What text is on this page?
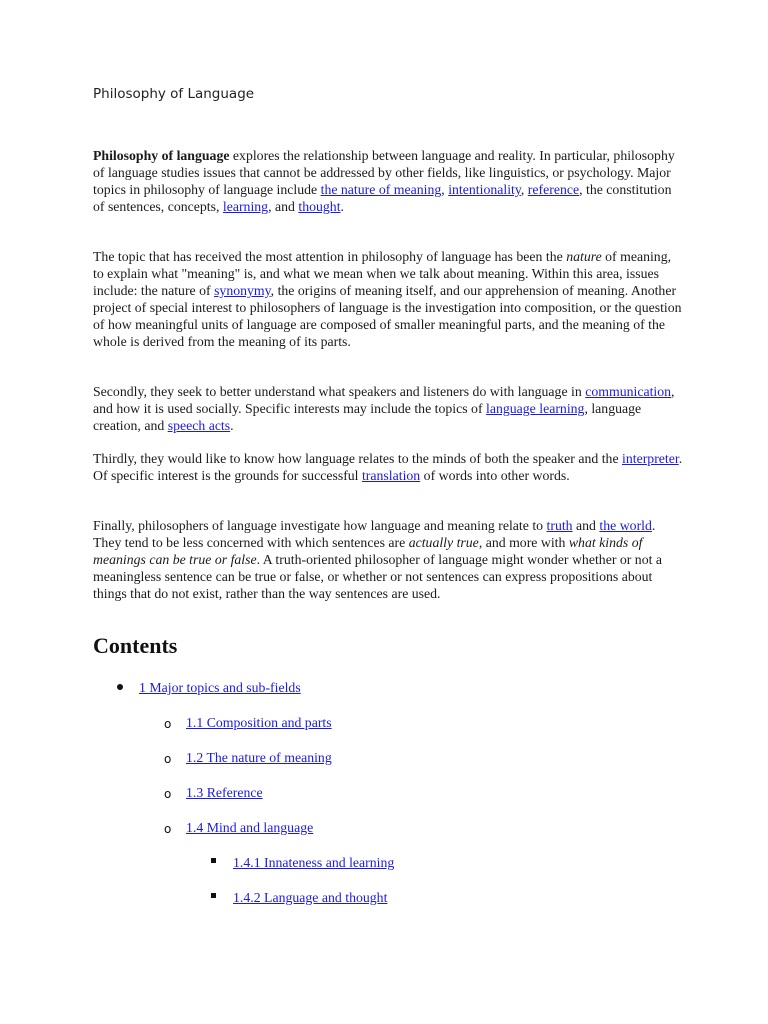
Philosophy of Language

Philosophy of language explores the relationship between language and reality. In particular, philosophy of language studies issues that cannot be addressed by other fields, like linguistics, or psychology. Major topics in philosophy of language include the nature of meaning, intentionality, reference, the constitution of sentences, concepts, learning, and thought.

The topic that has received the most attention in philosophy of language has been the nature of meaning, to explain what "meaning" is, and what we mean when we talk about meaning. Within this area, issues include: the nature of synonymy, the origins of meaning itself, and our apprehension of meaning. Another project of special interest to philosophers of language is the investigation into composition, or the question of how meaningful units of language are composed of smaller meaningful parts, and the meaning of the whole is derived from the meaning of its parts.

Secondly, they seek to better understand what speakers and listeners do with language in communication, and how it is used socially. Specific interests may include the topics of language learning, language creation, and speech acts.

Thirdly, they would like to know how language relates to the minds of both the speaker and the interpreter. Of specific interest is the grounds for successful translation of words into other words.

Finally, philosophers of language investigate how language and meaning relate to truth and the world. They tend to be less concerned with which sentences are actually true, and more with what kinds of meanings can be true or false. A truth-oriented philosopher of language might wonder whether or not a meaningless sentence can be true or false, or whether or not sentences can express propositions about things that do not exist, rather than the way sentences are used.

Contents
1 Major topics and sub-fields
o 1.1 Composition and parts
o 1.2 The nature of meaning
o 1.3 Reference
o 1.4 Mind and language
1.4.1 Innateness and learning
1.4.2 Language and thought
